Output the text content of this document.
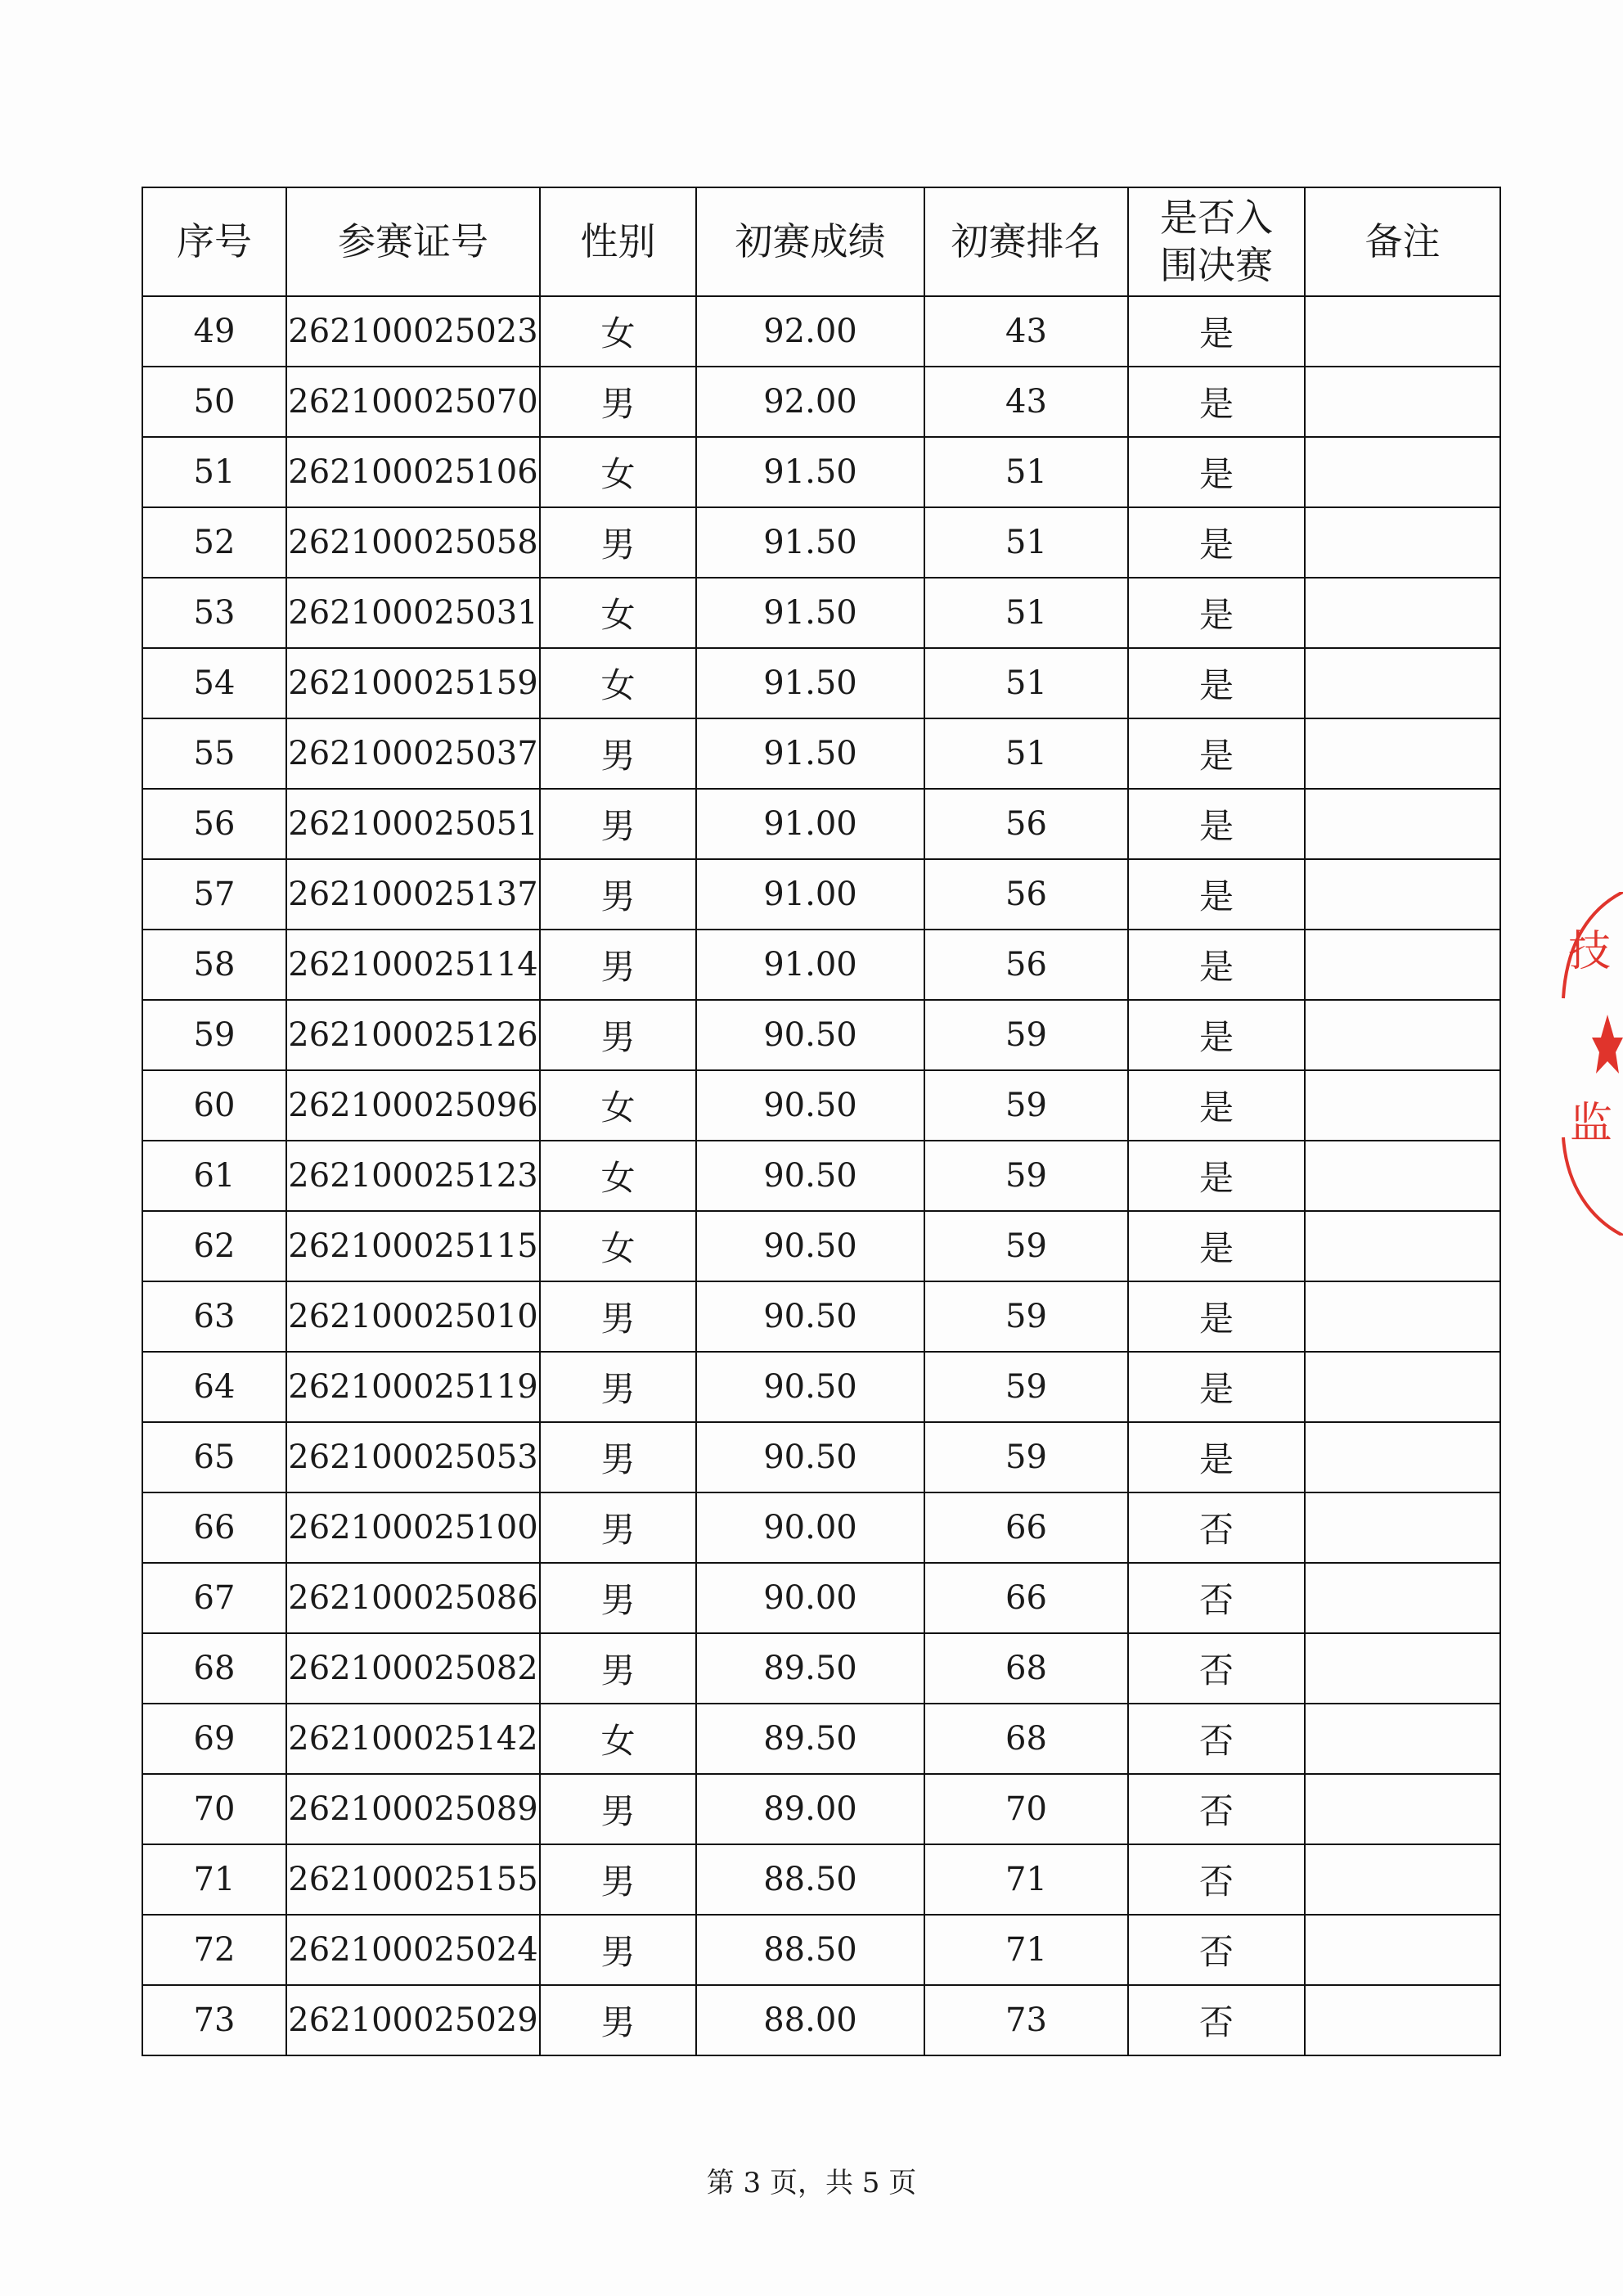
序号	参赛证号	性别	初赛成绩	初赛排名	是否入围决赛	备注
49	262100025023	女	92.00	43	是	
50	262100025070	男	92.00	43	是	
51	262100025106	女	91.50	51	是	
52	262100025058	男	91.50	51	是	
53	262100025031	女	91.50	51	是	
54	262100025159	女	91.50	51	是	
55	262100025037	男	91.50	51	是	
56	262100025051	男	91.00	56	是	
57	262100025137	男	91.00	56	是	
58	262100025114	男	91.00	56	是	
59	262100025126	男	90.50	59	是	
60	262100025096	女	90.50	59	是	
61	262100025123	女	90.50	59	是	
62	262100025115	女	90.50	59	是	
63	262100025010	男	90.50	59	是	
64	262100025119	男	90.50	59	是	
65	262100025053	男	90.50	59	是	
66	262100025100	男	90.00	66	否	
67	262100025086	男	90.00	66	否	
68	262100025082	男	89.50	68	否	
69	262100025142	女	89.50	68	否	
70	262100025089	男	89.00	70	否	
71	262100025155	男	88.50	71	否	
72	262100025024	男	88.50	71	否	
73	262100025029	男	88.00	73	否	
技
监
第 3 页，共 5 页
